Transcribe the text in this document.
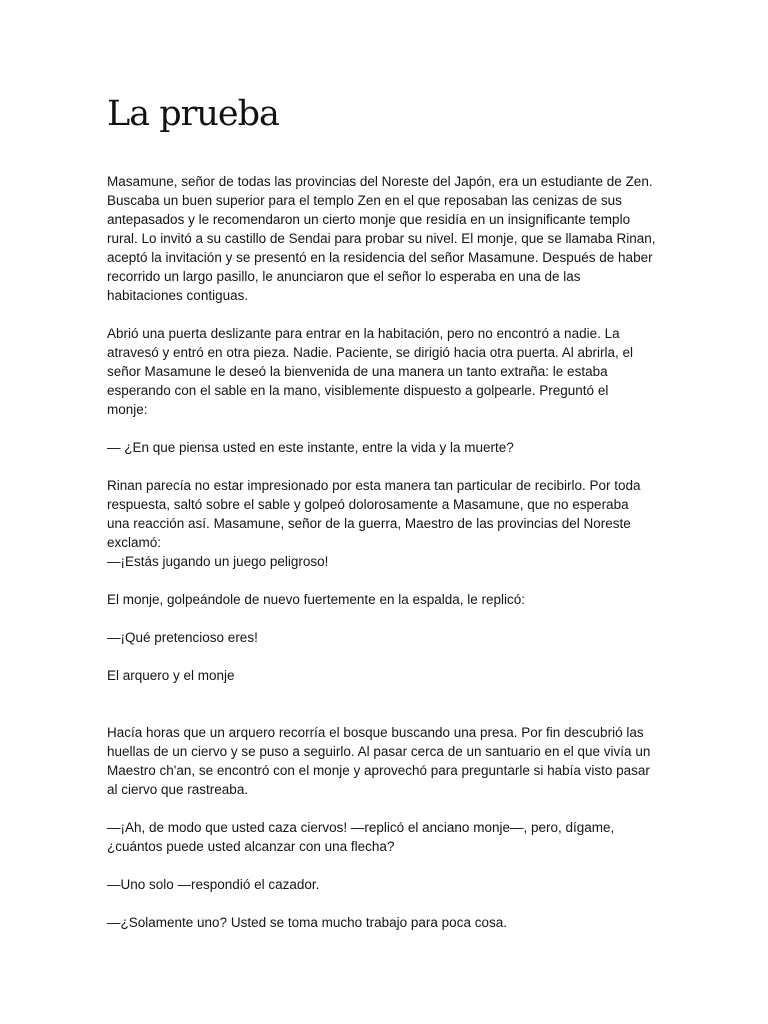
La prueba

Masamune, señor de todas las provincias del Noreste del Japón, era un estudiante de Zen.
Buscaba un buen superior para el templo Zen en el que reposaban las cenizas de sus
antepasados y le recomendaron un cierto monje que residía en un insignificante templo
rural. Lo invitó a su castillo de Sendai para probar su nivel. El monje, que se llamaba Rinan,
aceptó la invitación y se presentó en la residencia del señor Masamune. Después de haber
recorrido un largo pasillo, le anunciaron que el señor lo esperaba en una de las
habitaciones contiguas.

Abrió una puerta deslizante para entrar en la habitación, pero no encontró a nadie. La
atravesó y entró en otra pieza. Nadie. Paciente, se dirigió hacia otra puerta. Al abrirla, el
señor Masamune le deseó la bienvenida de una manera un tanto extraña: le estaba
esperando con el sable en la mano, visiblemente dispuesto a golpearle. Preguntó el
monje:

— ¿En que piensa usted en este instante, entre la vida y la muerte?

Rinan parecía no estar impresionado por esta manera tan particular de recibirlo. Por toda
respuesta, saltó sobre el sable y golpeó dolorosamente a Masamune, que no esperaba
una reacción así. Masamune, señor de la guerra, Maestro de las provincias del Noreste
exclamó:
—¡Estás jugando un juego peligroso!

El monje, golpeándole de nuevo fuertemente en la espalda, le replicó:

—¡Qué pretencioso eres!

El arquero y el monje

Hacía horas que un arquero recorría el bosque buscando una presa. Por fin descubrió las
huellas de un ciervo y se puso a seguirlo. Al pasar cerca de un santuario en el que vivía un
Maestro ch'an, se encontró con el monje y aprovechó para preguntarle si había visto pasar
al ciervo que rastreaba.

—¡Ah, de modo que usted caza ciervos! —replicó el anciano monje—, pero, dígame,
¿cuántos puede usted alcanzar con una flecha?

—Uno solo —respondió el cazador.

—¿Solamente uno? Usted se toma mucho trabajo para poca cosa.
